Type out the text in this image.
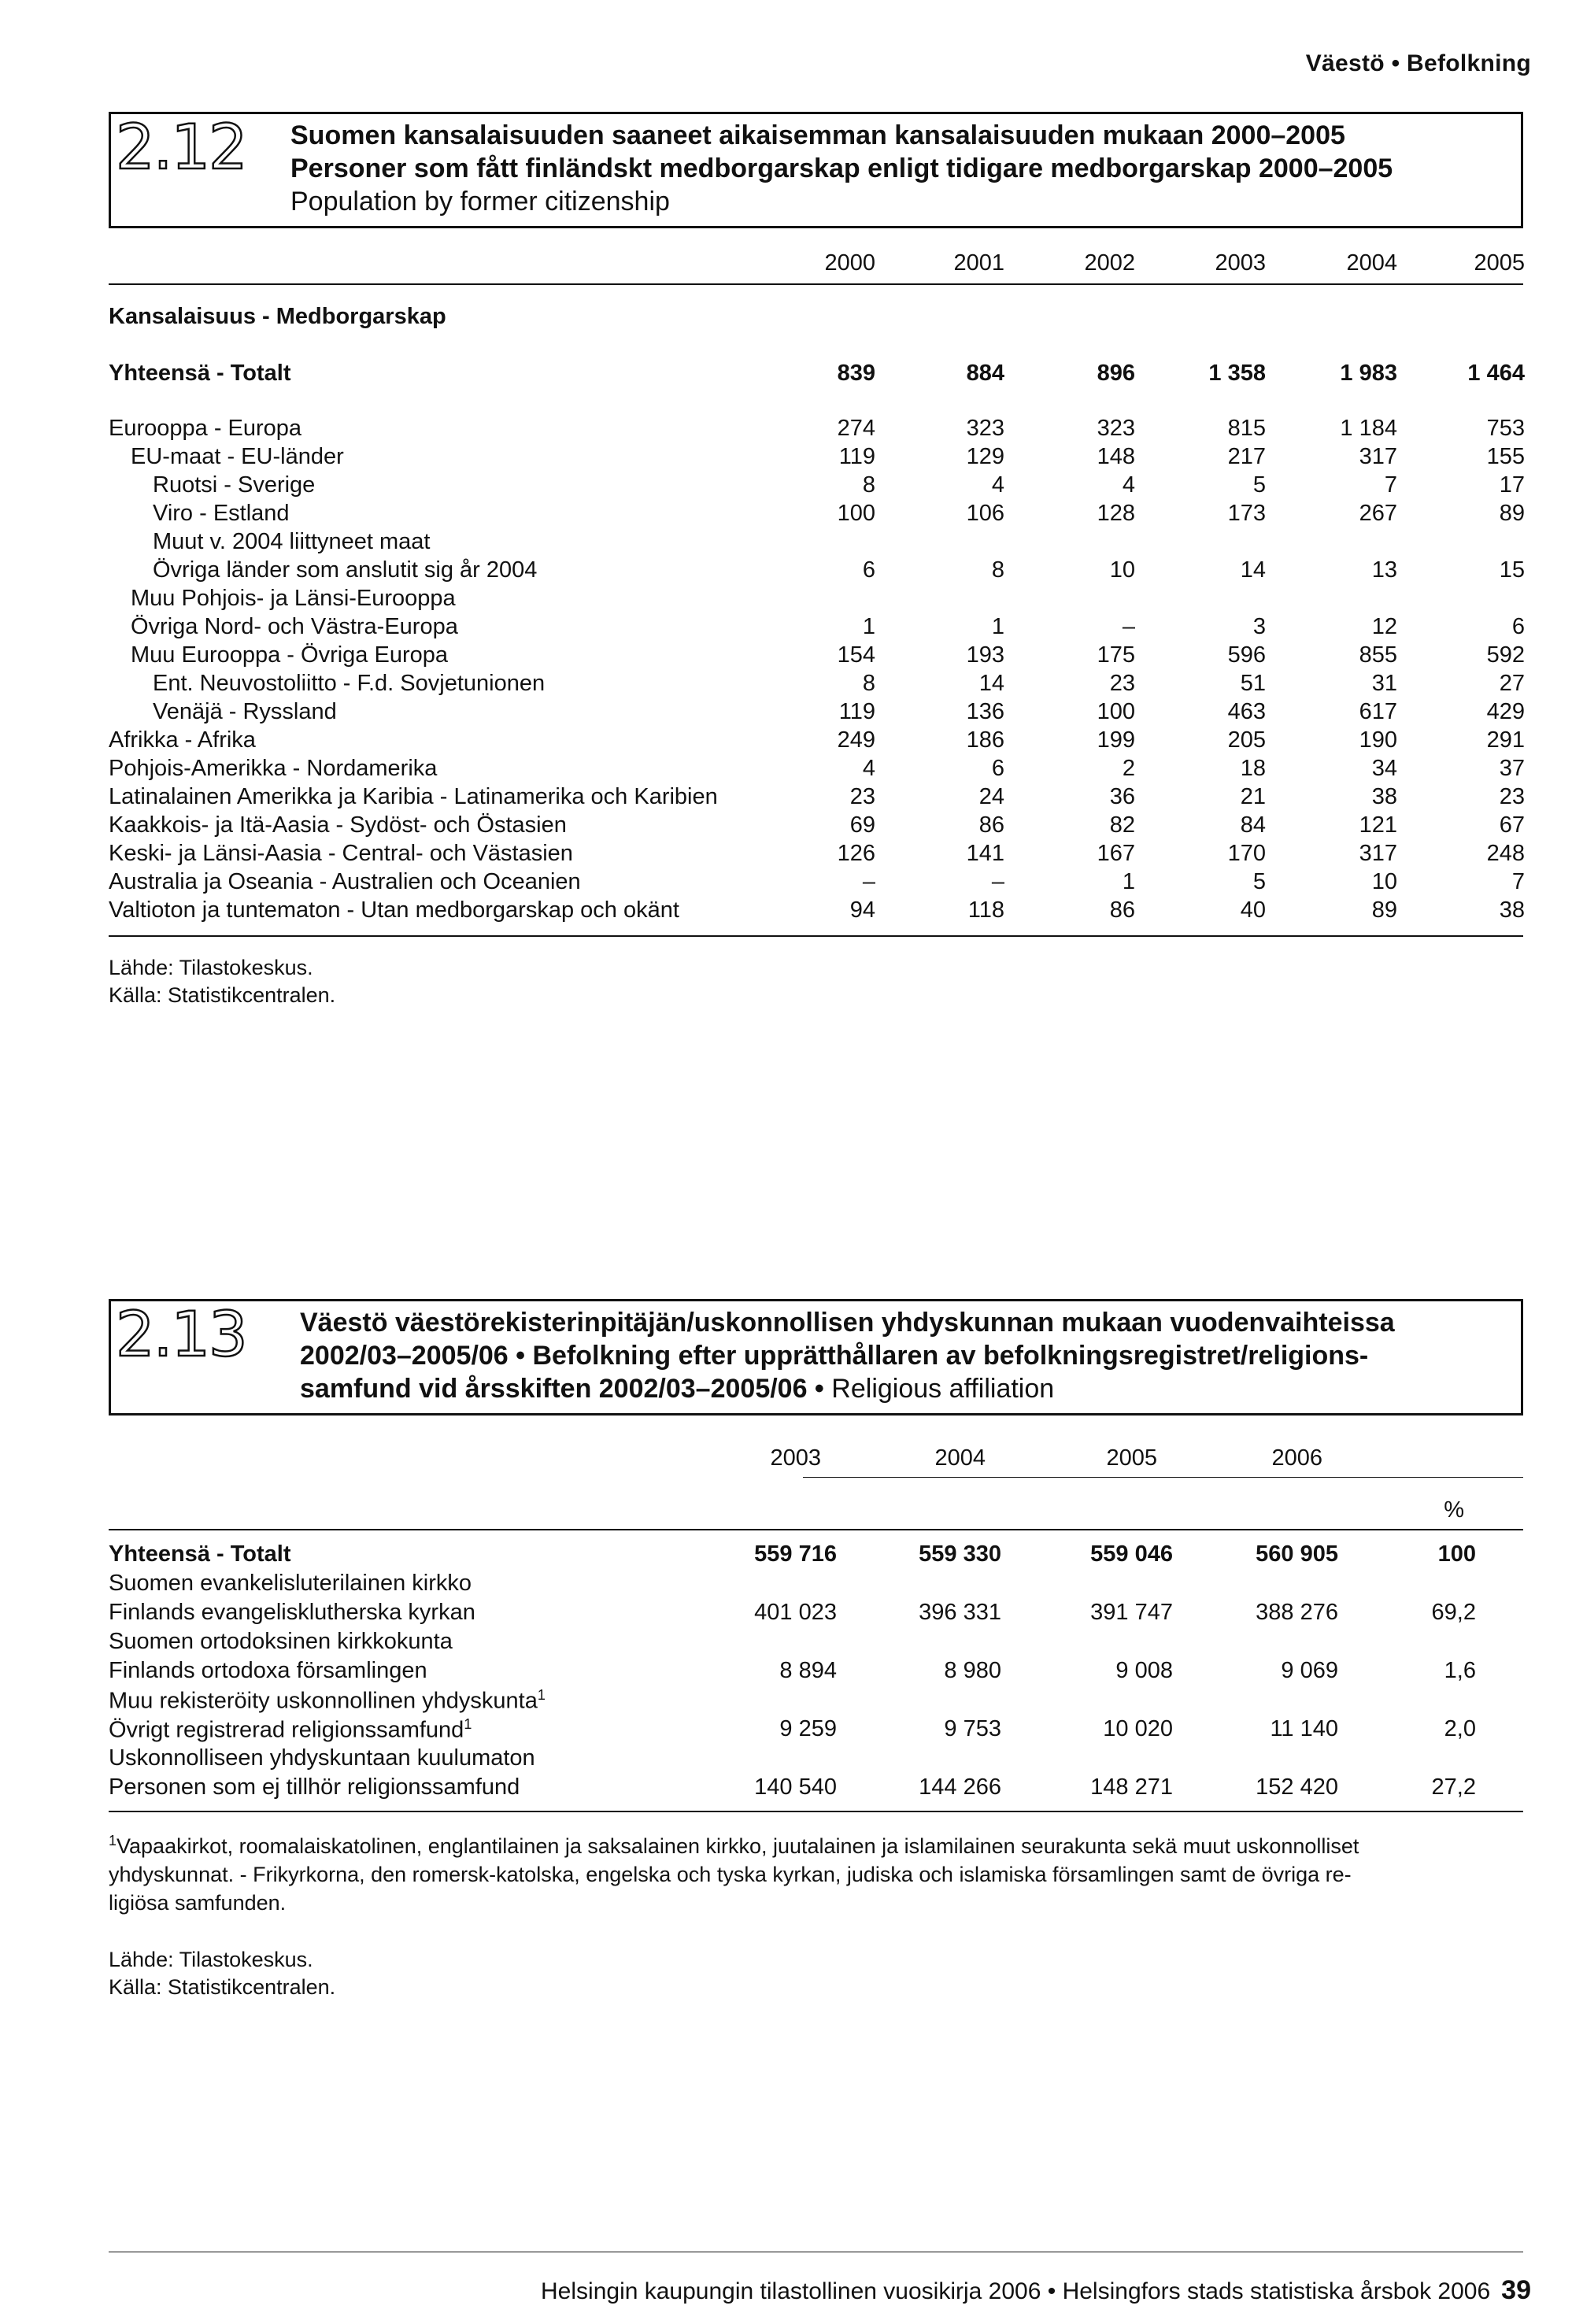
Väestö • Befolkning
2.12 Suomen kansalaisuuden saaneet aikaisemman kansalaisuuden mukaan 2000–2005
Personer som fått finländskt medborgarskap enligt tidigare medborgarskap 2000–2005
Population by former citizenship
2000	2001	2002	2003	2004	2005
Kansalaisuus - Medborgarskap
Yhteensä - Totalt	839	884	896	1 358	1 983	1 464
Eurooppa - Europa	274	323	323	815	1 184	753
EU-maat - EU-länder	119	129	148	217	317	155
Ruotsi - Sverige	8	4	4	5	7	17
Viro - Estland	100	106	128	173	267	89
Muut v. 2004 liittyneet maat
Övriga länder som anslutit sig år 2004	6	8	10	14	13	15
Muu Pohjois- ja Länsi-Eurooppa
Övriga Nord- och Västra-Europa	1	1	–	3	12	6
Muu Eurooppa - Övriga Europa	154	193	175	596	855	592
Ent. Neuvostoliitto - F.d. Sovjetunionen	8	14	23	51	31	27
Venäjä - Ryssland	119	136	100	463	617	429
Afrikka - Afrika	249	186	199	205	190	291
Pohjois-Amerikka - Nordamerika	4	6	2	18	34	37
Latinalainen Amerikka ja Karibia - Latinamerika och Karibien	23	24	36	21	38	23
Kaakkois- ja Itä-Aasia - Sydöst- och Östasien	69	86	82	84	121	67
Keski- ja Länsi-Aasia - Central- och Västasien	126	141	167	170	317	248
Australia ja Oseania - Australien och Oceanien	–	–	1	5	10	7
Valtioton ja tuntematon - Utan medborgarskap och okänt	94	118	86	40	89	38
Lähde: Tilastokeskus.
Källa: Statistikcentralen.
2.13 Väestö väestörekisterinpitäjän/uskonnollisen yhdyskunnan mukaan vuodenvaihteissa
2002/03–2005/06 • Befolkning efter upprätthållaren av befolkningsregistret/religions-
samfund vid årsskiften 2002/03–2005/06 • Religious affiliation
2003	2004	2005	2006
%
Yhteensä - Totalt	559 716	559 330	559 046	560 905	100
Suomen evankelisluterilainen kirkko
Finlands evangelisklutherska kyrkan	401 023	396 331	391 747	388 276	69,2
Suomen ortodoksinen kirkkokunta
Finlands ortodoxa församlingen	8 894	8 980	9 008	9 069	1,6
Muu rekisteröity uskonnollinen yhdyskunta$^1$
Övrigt registrerad religionssamfund$^1$	9 259	9 753	10 020	11 140	2,0
Uskonnolliseen yhdyskuntaan kuulumaton
Personen som ej tillhör religionssamfund	140 540	144 266	148 271	152 420	27,2
$^1$Vapaakirkot, roomalaiskatolinen, englantilainen ja saksalainen kirkko, juutalainen ja islamilainen seurakunta sekä muut uskonnolliset
yhdyskunnat. - Frikyrkorna, den romersk-katolska, engelska och tyska kyrkan, judiska och islamiska församlingen samt de övriga re-
ligiösa samfunden.
Lähde: Tilastokeskus.
Källa: Statistikcentralen.
Helsingin kaupungin tilastollinen vuosikirja 2006 • Helsingfors stads statistiska årsbok 2006 39
